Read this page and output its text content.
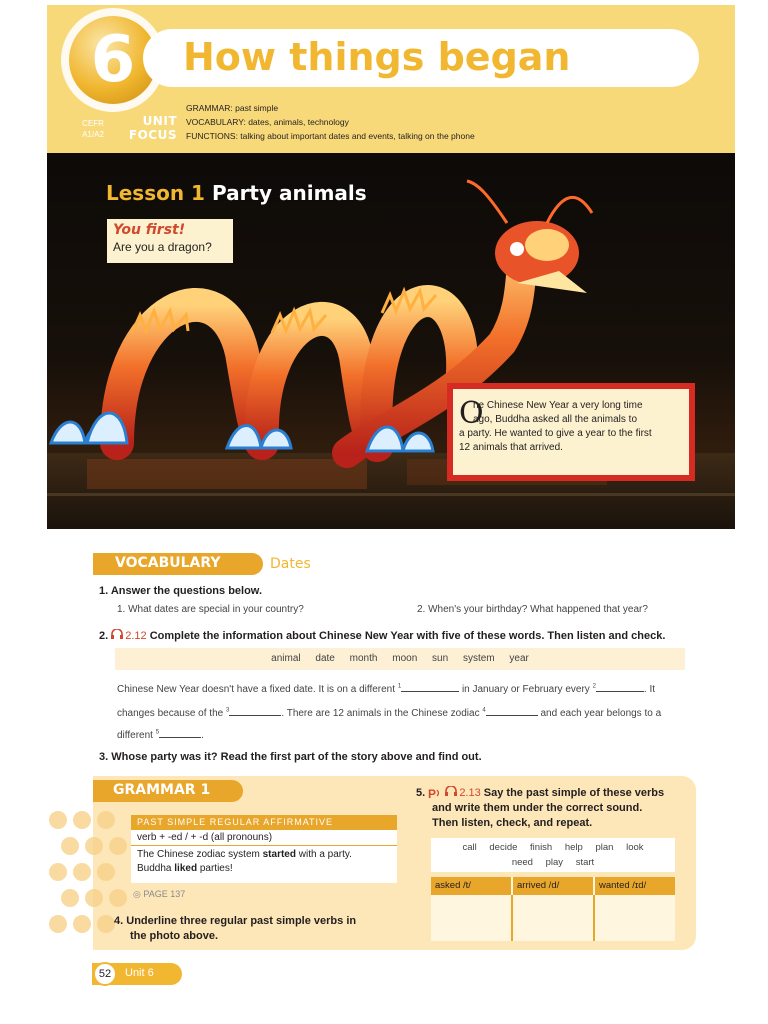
6 How things began
CEFR
A1/A2
UNIT
FOCUS
GRAMMAR: past simple
VOCABULARY: dates, animals, technology
FUNCTIONS: talking about important dates and events, talking on the phone
Lesson 1 Party animals
You first!
Are you a dragon?
O
ne Chinese New Year a very long time
ago, Buddha asked all the animals to
a party. He wanted to give a year to the first
12 animals that arrived.
VOCABULARY	Dates
1. Answer the questions below.
1. What dates are special in your country?	2. When's your birthday? What happened that year?
2. 2.12 Complete the information about Chinese New Year with five of these words. Then listen and check.
animal date month moon sun system year
Chinese New Year doesn't have a fixed date. It is on a different $^1$	in January or February every $^2$	. It
changes because of the $^3$	. There are 12 animals in the Chinese zodiac $^4$	and each year belongs to a
different $^5$	.
3. Whose party was it? Read the first part of the story above and find out.
GRAMMAR 1
PAST SIMPLE REGULAR AFFIRMATIVE
verb + -ed / + -d (all pronouns)
The Chinese zodiac system started with a party.
Buddha liked parties!
◎ PAGE 137
4. Underline three regular past simple verbs in
the photo above.
5. P 2.13 Say the past simple of these verbs
and write them under the correct sound.
Then listen, check, and repeat.
call decide finish help plan look
need play start
asked /t/	arrived /d/	wanted /ɪd/
52	Unit 6
